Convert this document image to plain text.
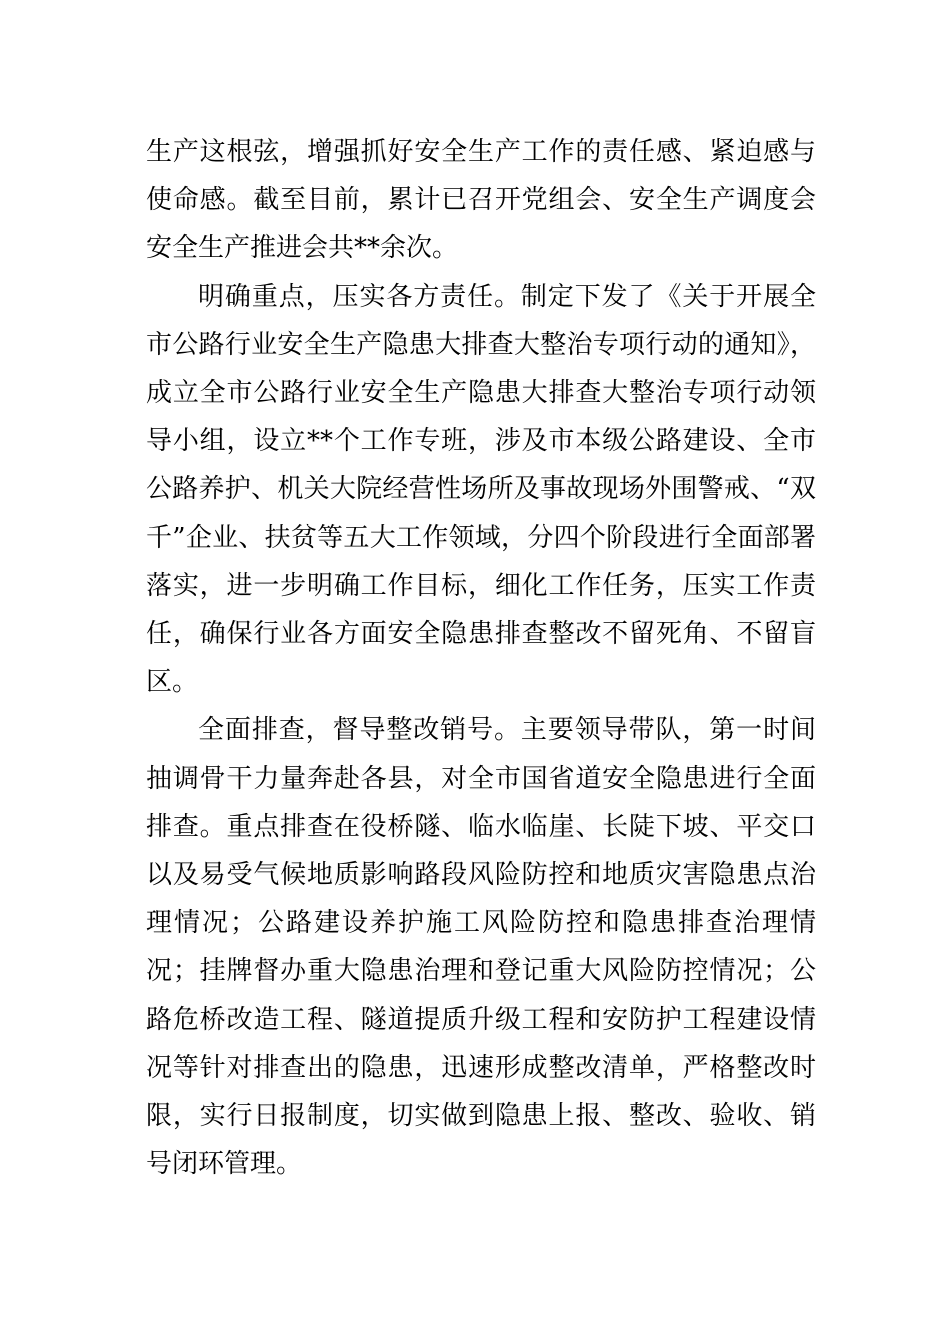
生产这根弦，增强抓好安全生产工作的责任感、紧迫感与使命感。截至目前，累计已召开党组会、安全生产调度会安全生产推进会共**余次。

明确重点，压实各方责任。制定下发了《关于开展全市公路行业安全生产隐患大排查大整治专项行动的通知》，成立全市公路行业安全生产隐患大排查大整治专项行动领导小组，设立**个工作专班，涉及市本级公路建设、全市公路养护、机关大院经营性场所及事故现场外围警戒、“双千”企业、扶贫等五大工作领域，分四个阶段进行全面部署落实，进一步明确工作目标，细化工作任务，压实工作责任，确保行业各方面安全隐患排查整改不留死角、不留盲区。

全面排查，督导整改销号。主要领导带队，第一时间抽调骨干力量奔赴各县，对全市国省道安全隐患进行全面排查。重点排查在役桥隧、临水临崖、长陡下坡、平交口以及易受气候地质影响路段风险防控和地质灾害隐患点治理情况；公路建设养护施工风险防控和隐患排查治理情况；挂牌督办重大隐患治理和登记重大风险防控情况；公路危桥改造工程、隧道提质升级工程和安防护工程建设情况等针对排查出的隐患，迅速形成整改清单，严格整改时限，实行日报制度，切实做到隐患上报、整改、验收、销号闭环管理。
